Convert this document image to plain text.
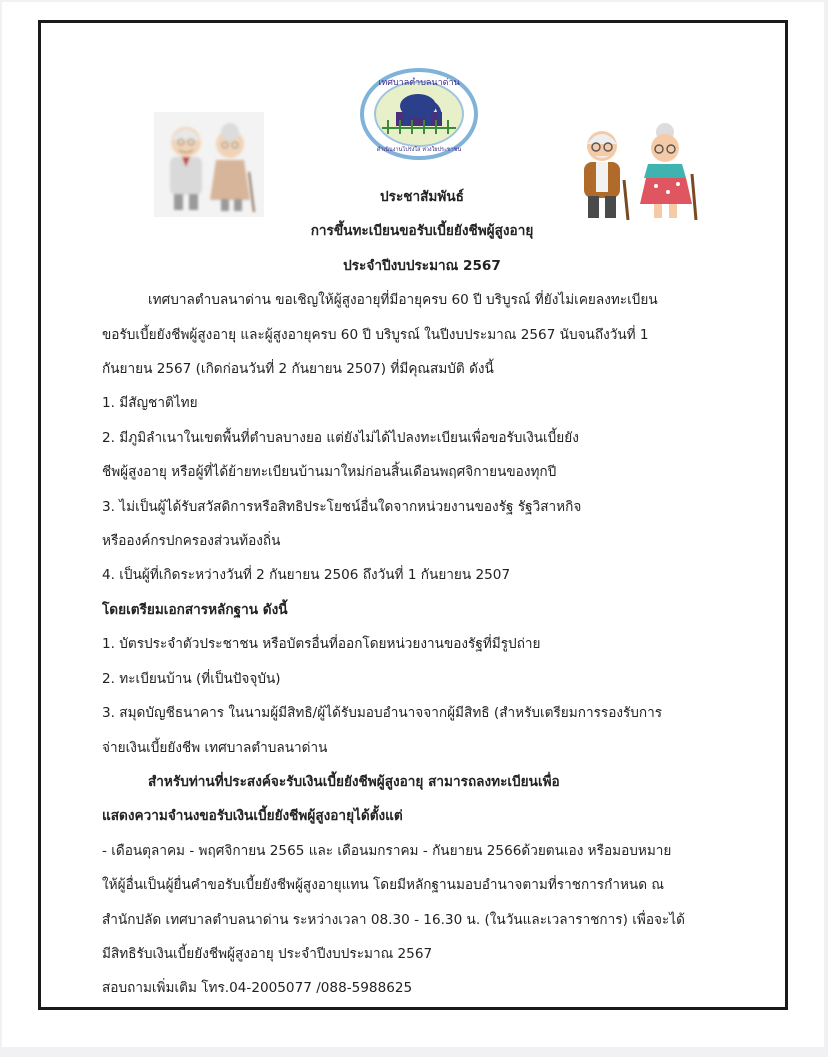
เทศบาลตำบลนาด่าน
ดำเนินงานโปร่งใส ห่วงใยประชาชน
ประชาสัมพันธ์
การขึ้นทะเบียนขอรับเบี้ยยังชีพผู้สูงอายุ
ประจำปีงบประมาณ 2567
เทศบาลตำบลนาด่าน ขอเชิญให้ผู้สูงอายุที่มีอายุครบ 60 ปี บริบูรณ์ ที่ยังไม่เคยลงทะเบียน
ขอรับเบี้ยยังชีพผู้สูงอายุ และผู้สูงอายุครบ 60 ปี บริบูรณ์ ในปีงบประมาณ 2567 นับจนถึงวันที่ 1
กันยายน 2567 (เกิดก่อนวันที่ 2 กันยายน 2507) ที่มีคุณสมบัติ ดังนี้
1. มีสัญชาติไทย
2. มีภูมิลำเนาในเขตพื้นที่ตำบลบางยอ แต่ยังไม่ได้ไปลงทะเบียนเพื่อขอรับเงินเบี้ยยัง
ชีพผู้สูงอายุ หรือผู้ที่ได้ย้ายทะเบียนบ้านมาใหม่ก่อนสิ้นเดือนพฤศจิกายนของทุกปี
3. ไม่เป็นผู้ได้รับสวัสดิการหรือสิทธิประโยชน์อื่นใดจากหน่วยงานของรัฐ รัฐวิสาหกิจ
หรือองค์กรปกครองส่วนท้องถิ่น
4. เป็นผู้ที่เกิดระหว่างวันที่ 2 กันยายน 2506 ถึงวันที่ 1 กันยายน 2507
โดยเตรียมเอกสารหลักฐาน ดังนี้
1. บัตรประจำตัวประชาชน หรือบัตรอื่นที่ออกโดยหน่วยงานของรัฐที่มีรูปถ่าย
2. ทะเบียนบ้าน (ที่เป็นปัจจุบัน)
3. สมุดบัญชีธนาคาร ในนามผู้มีสิทธิ/ผู้ได้รับมอบอำนาจจากผู้มีสิทธิ (สำหรับเตรียมการรองรับการ
จ่ายเงินเบี้ยยังชีพ เทศบาลตำบลนาด่าน
สำหรับท่านที่ประสงค์จะรับเงินเบี้ยยังชีพผู้สูงอายุ สามารถลงทะเบียนเพื่อ
แสดงความจำนงขอรับเงินเบี้ยยังชีพผู้สูงอายุได้ตั้งแต่
- เดือนตุลาคม - พฤศจิกายน 2565 และ เดือนมกราคม - กันยายน 2566ด้วยตนเอง หรือมอบหมาย
ให้ผู้อื่นเป็นผู้ยื่นคำขอรับเบี้ยยังชีพผู้สูงอายุแทน โดยมีหลักฐานมอบอำนาจตามที่ราชการกำหนด ณ
สำนักปลัด เทศบาลตำบลนาด่าน ระหว่างเวลา 08.30 - 16.30 น. (ในวันและเวลาราชการ) เพื่อจะได้
มีสิทธิรับเงินเบี้ยยังชีพผู้สูงอายุ ประจำปีงบประมาณ 2567
สอบถามเพิ่มเติม โทร.04-2005077 /088-5988625
